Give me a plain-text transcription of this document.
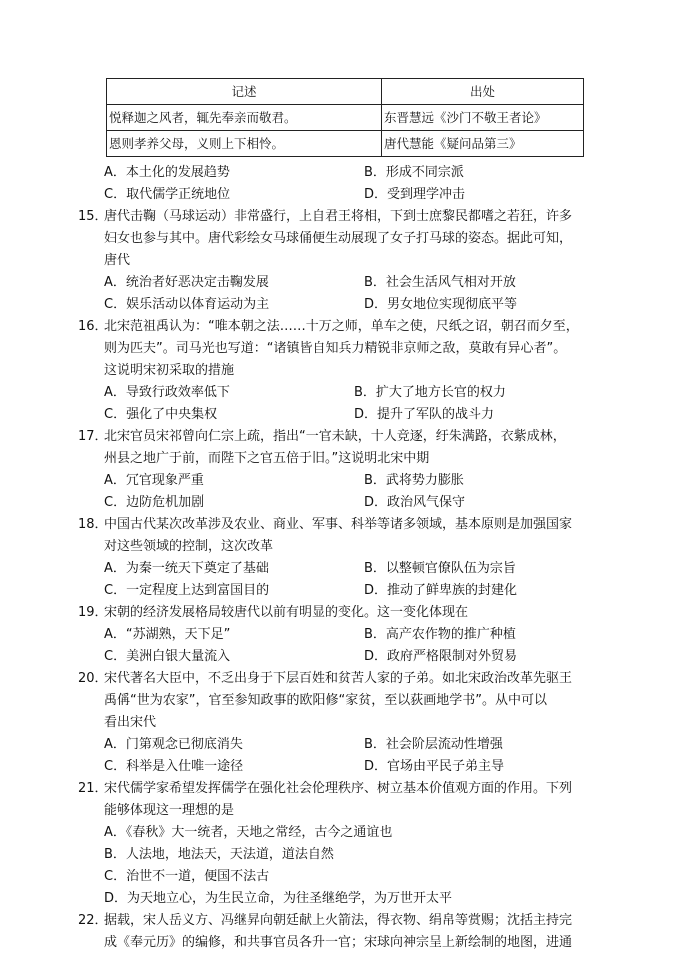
记述	出处
悦释迦之风者，辄先奉亲而敬君。	东晋慧远《沙门不敬王者论》
恩则孝养父母，义则上下相怜。	唐代慧能《疑问品第三》
A．本土化的发展趋势	B．形成不同宗派
C．取代儒学正统地位	D．受到理学冲击
15．
唐代击鞠（马球运动）非常盛行，上自君王将相，下到士庶黎民都嗜之若狂，许多
妇女也参与其中。唐代彩绘女马球俑便生动展现了女子打马球的姿态。据此可知，
唐代
A．统治者好恶决定击鞠发展	B．社会生活风气相对开放
C．娱乐活动以体育运动为主	D．男女地位实现彻底平等
16．
北宋范祖禹认为：“唯本朝之法……十万之师，单车之使，尺纸之诏，朝召而夕至，
则为匹夫”。司马光也写道：“诸镇皆自知兵力精锐非京师之敌，莫敢有异心者”。
这说明宋初采取的措施
A．导致行政效率低下	B．扩大了地方长官的权力
C．强化了中央集权	D．提升了军队的战斗力
17．
北宋官员宋祁曾向仁宗上疏，指出“一官未缺，十人竞逐，纡朱满路，衣紫成林，
州县之地广于前，而陛下之官五倍于旧。”这说明北宋中期
A．冗官现象严重	B．武将势力膨胀
C．边防危机加剧	D．政治风气保守
18．
中国古代某次改革涉及农业、商业、军事、科举等诸多领域，基本原则是加强国家
对这些领域的控制，这次改革
A．为秦一统天下奠定了基础	B．以整顿官僚队伍为宗旨
C．一定程度上达到富国目的	D．推动了鲜卑族的封建化
19．
宋朝的经济发展格局较唐代以前有明显的变化。这一变化体现在
A．“苏湖熟，天下足”	B．高产农作物的推广种植
C．美洲白银大量流入	D．政府严格限制对外贸易
20．
宋代著名大臣中，不乏出身于下层百姓和贫苦人家的子弟。如北宋政治改革先驱王
禹偁“世为农家”，官至参知政事的欧阳修“家贫，至以荻画地学书”。从中可以
看出宋代
A．门第观念已彻底消失	B．社会阶层流动性增强
C．科举是入仕唯一途径	D．官场由平民子弟主导
21．
宋代儒学家希望发挥儒学在强化社会伦理秩序、树立基本价值观方面的作用。下列
能够体现这一理想的是
A．《春秋》大一统者，天地之常经，古今之通谊也
B．人法地，地法天，天法道，道法自然
C．治世不一道，便国不法古
D．为天地立心，为生民立命，为往圣继绝学，为万世开太平
22．
据载，宋人岳义方、冯继昇向朝廷献上火箭法，得衣物、绢帛等赏赐；沈括主持完
成《奉元历》的编修，和共事官员各升一官；宋球向神宗呈上新绘制的地图，进通
